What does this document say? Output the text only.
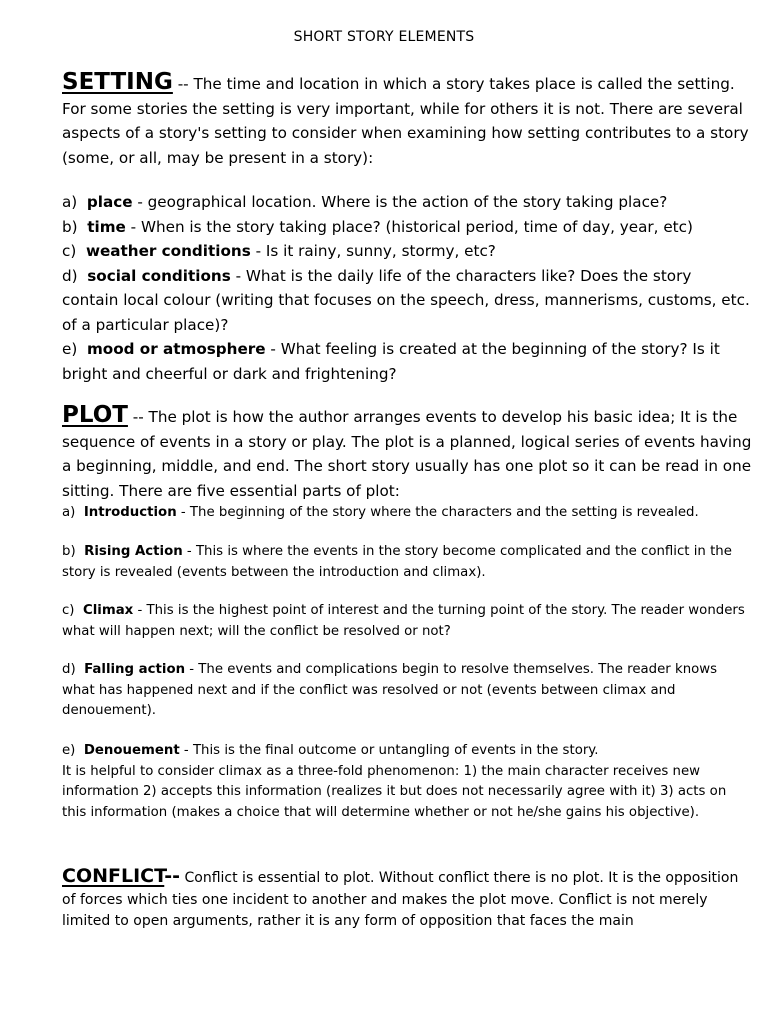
SHORT STORY ELEMENTS

SETTING -- The time and location in which a story takes place is called the setting. For some stories the setting is very important, while for others it is not. There are several aspects of a story's setting to consider when examining how setting contributes to a story (some, or all, may be present in a story):

a) place - geographical location. Where is the action of the story taking place?

b) time - When is the story taking place? (historical period, time of day, year, etc)

c) weather conditions - Is it rainy, sunny, stormy, etc?

d) social conditions - What is the daily life of the characters like? Does the story contain local colour (writing that focuses on the speech, dress, mannerisms, customs, etc. of a particular place)?

e) mood or atmosphere - What feeling is created at the beginning of the story? Is it bright and cheerful or dark and frightening?

PLOT -- The plot is how the author arranges events to develop his basic idea; It is the sequence of events in a story or play. The plot is a planned, logical series of events having a beginning, middle, and end. The short story usually has one plot so it can be read in one sitting. There are five essential parts of plot:

a) Introduction - The beginning of the story where the characters and the setting is revealed.

b) Rising Action - This is where the events in the story become complicated and the conflict in the story is revealed (events between the introduction and climax).

c) Climax - This is the highest point of interest and the turning point of the story. The reader wonders what will happen next; will the conflict be resolved or not?

d) Falling action - The events and complications begin to resolve themselves. The reader knows what has happened next and if the conflict was resolved or not (events between climax and denouement).

e) Denouement - This is the final outcome or untangling of events in the story.

It is helpful to consider climax as a three-fold phenomenon: 1) the main character receives new information 2) accepts this information (realizes it but does not necessarily agree with it) 3) acts on this information (makes a choice that will determine whether or not he/she gains his objective).

CONFLICT-- Conflict is essential to plot. Without conflict there is no plot. It is the opposition of forces which ties one incident to another and makes the plot move. Conflict is not merely limited to open arguments, rather it is any form of opposition that faces the main
